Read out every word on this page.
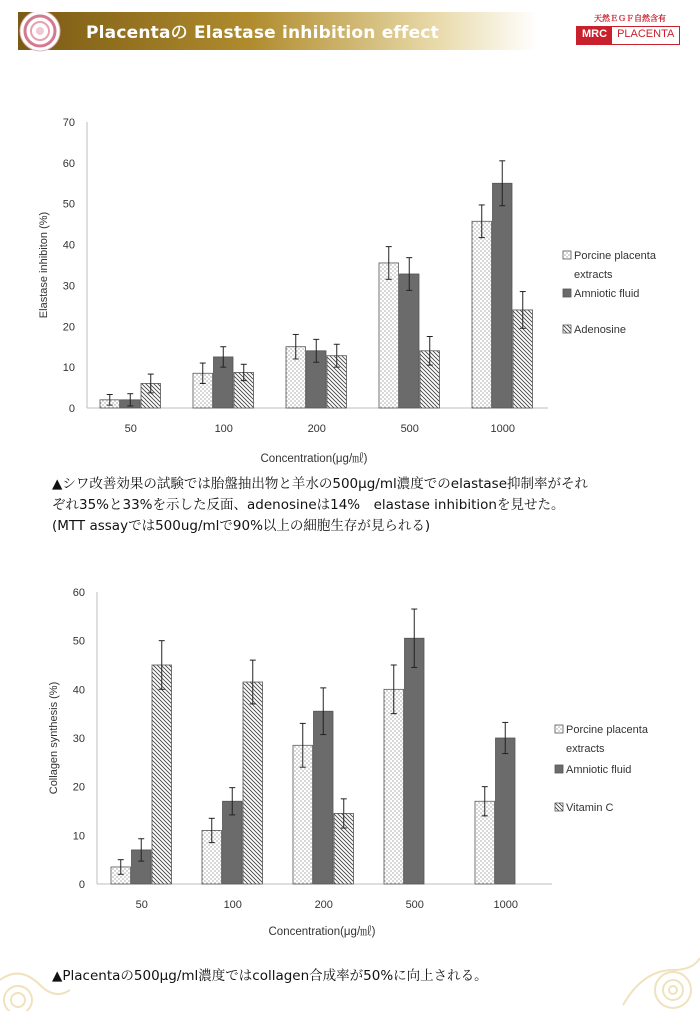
Placentaの Elastase inhibition effect
天然ＥＧＦ自然含有
MRC PLACENTA
0
10
20
30
40
50
60
70
Elastase inhibiton (%)
50	100	200	500	1000
Concentration(μg/㎖)
Porcine placenta
extracts
Amniotic fluid
Adenosine
▲シワ改善効果の試験では胎盤抽出物と羊水の500μg/ml濃度でのelastase抑制率がそれ
ぞれ35%と33%を示した反面、adenosineは14%　elastase inhibitionを見せた。
(MTT assayでは500ug/mlで90%以上の細胞生存が見られる)
0
10
20
30
40
50
60
Collagen synthesis (%)
50	100	200	500	1000
Concentration(μg/㎖)
Porcine placenta
extracts
Amniotic fluid
Vitamin C
▲Placentaの500μg/ml濃度ではcollagen合成率が50%に向上される。
